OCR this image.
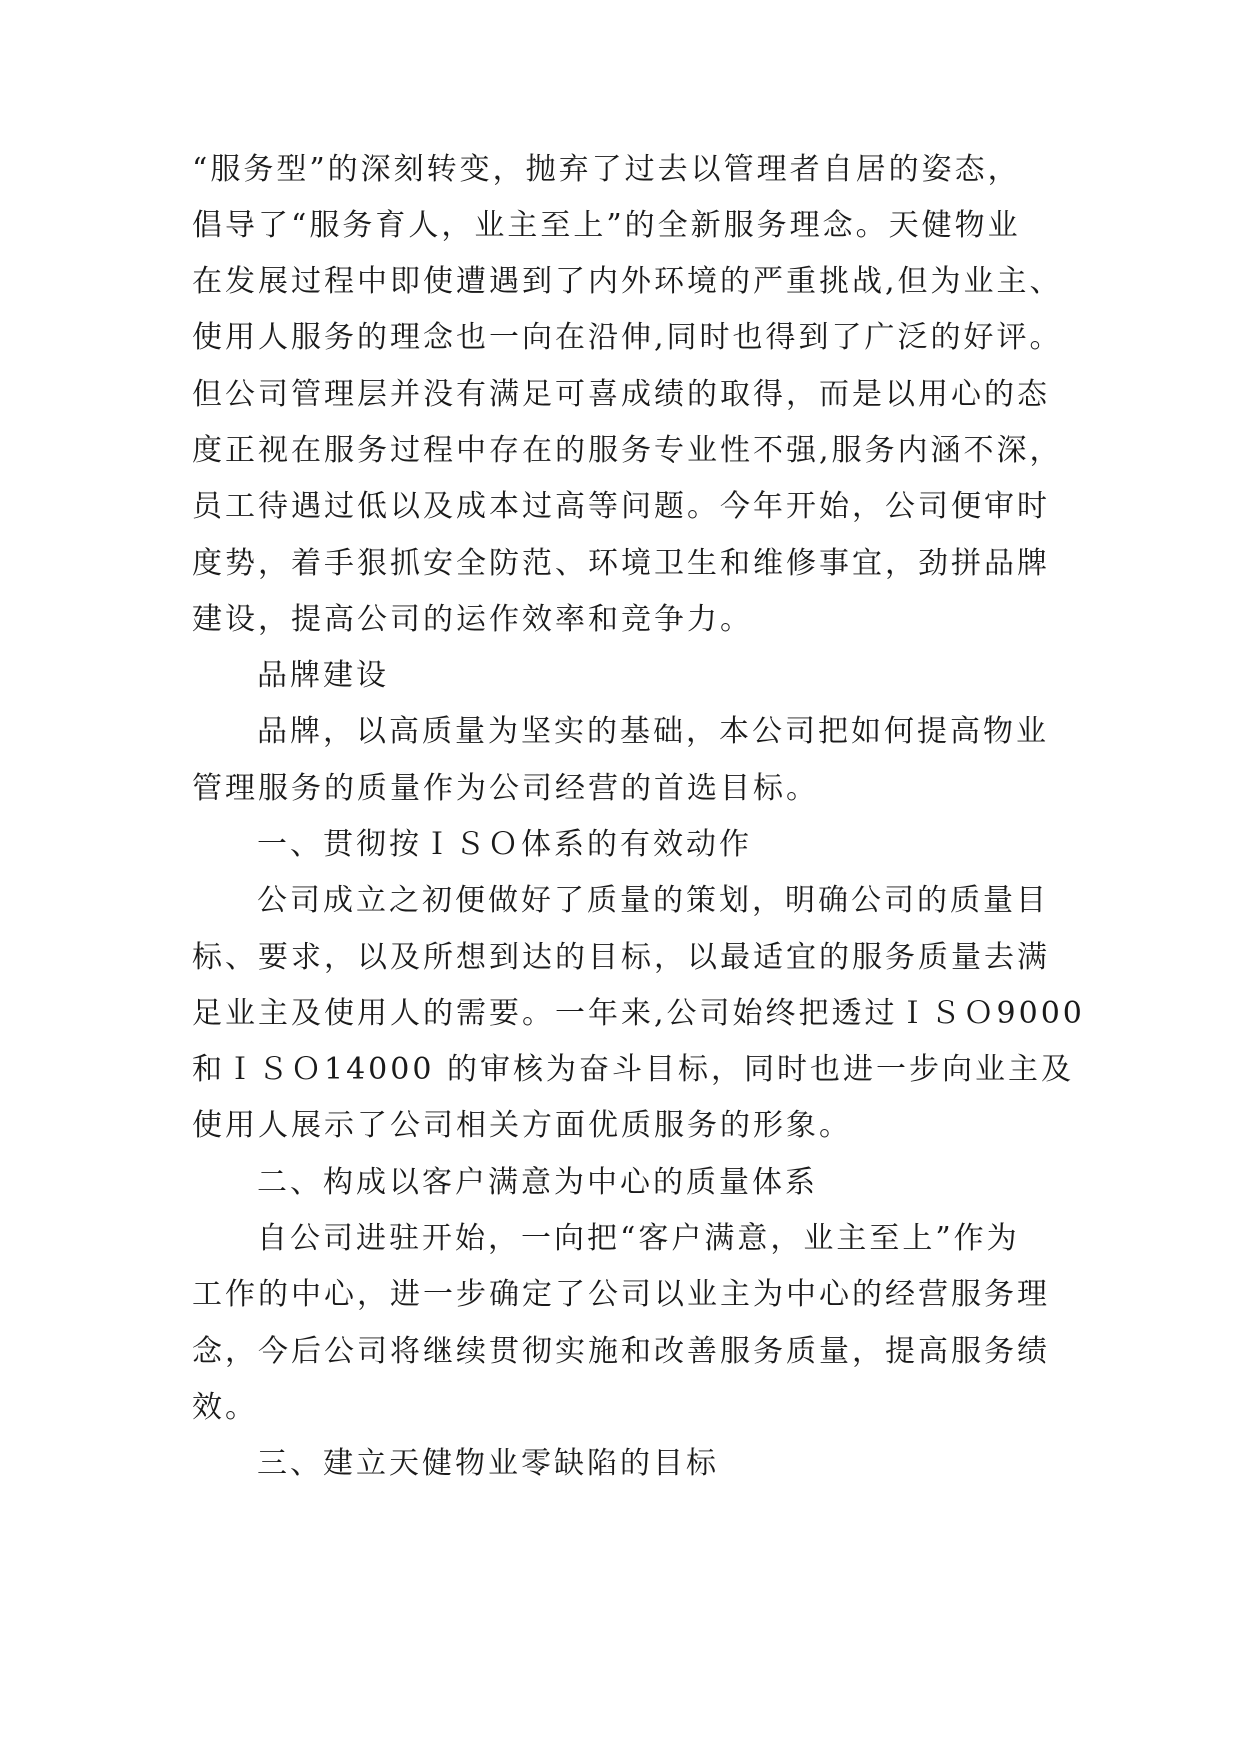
“服务型”的深刻转变，抛弃了过去以管理者自居的姿态，
倡导了“服务育人，业主至上”的全新服务理念。天健物业
在发展过程中即使遭遇到了内外环境的严重挑战,但为业主、
使用人服务的理念也一向在沿伸,同时也得到了广泛的好评。
但公司管理层并没有满足可喜成绩的取得，而是以用心的态
度正视在服务过程中存在的服务专业性不强,服务内涵不深，
员工待遇过低以及成本过高等问题。今年开始，公司便审时
度势，着手狠抓安全防范、环境卫生和维修事宜，劲拼品牌
建设，提高公司的运作效率和竞争力。
品牌建设
品牌，以高质量为坚实的基础，本公司把如何提高物业
管理服务的质量作为公司经营的首选目标。
一、贯彻按ＩＳＯ体系的有效动作
公司成立之初便做好了质量的策划，明确公司的质量目
标、要求，以及所想到达的目标，以最适宜的服务质量去满
足业主及使用人的需要。一年来,公司始终把透过ＩＳＯ9000
和ＩＳＯ14000 的审核为奋斗目标，同时也进一步向业主及
使用人展示了公司相关方面优质服务的形象。
二、构成以客户满意为中心的质量体系
自公司进驻开始，一向把“客户满意，业主至上”作为
工作的中心，进一步确定了公司以业主为中心的经营服务理
念，今后公司将继续贯彻实施和改善服务质量，提高服务绩
效。
三、建立天健物业零缺陷的目标
